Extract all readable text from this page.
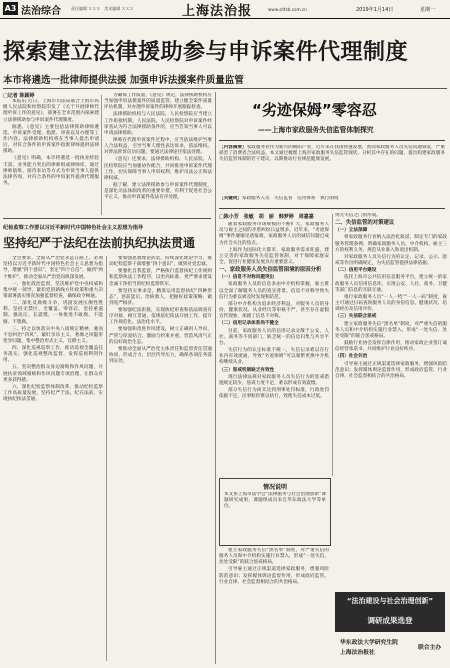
A3 法治综合	责任编辑 ＸＸＸ　美术编辑 ＸＸＸ	上海法治报	www.shfzb.com.cn	2019年1月14日	星期一
探索建立法律援助参与申诉案件代理制度
本市将遴选一批律师提供法援 加强申诉法援案件质量监管
□记者 陈颖婷

本报讯 近日，上海市司法局联合上海市高级人民法院和检察院印发了《关于开展律师代理申诉工作的意见》，部署在全市范围内探索建立法律援助参与申诉案件代理制度。

据悉，《意见》主要包括法律援助律师遴选、申诉案件受理、指派、审查以及办理等工作内容。法律援助机构将在当事人提出申请后，对符合条件的申诉案件指派律师提供法律援助。

《意见》明确，本市将遴选一批执业经验丰富、业务能力突出的律师组成律师库，通过律师值班、接待来访等方式为申诉当事人提供法律咨询，对符合条件的申诉案件提供代理服务。

为确保工作质量，《意见》规定，法律援助机构应当加强申诉法援案件的质量监管，建立健全案件质量评估机制，对办理申诉案件的律师开展跟踪检查。

法律援助机构与人民法院、人民检察院应当建立工作衔接机制，人民法院、人民检察院对申诉案件经审查认为符合法律援助条件的，应当告知当事人可以申请法律援助。

律师在代理申诉案件过程中，应当依法维护当事人合法权益，引导当事人理性表达诉求，依法维权。对涉法涉诉信访问题，要通过法律途径依法处理。

《意见》还要求，法律援助机构、人民法院、人民检察院应当加强协作配合，共同推进申诉案件代理工作，切实保障当事人申诉权利，维护司法公正和法律权威。

据了解，建立法律援助参与申诉案件代理制度，是深化司法体制改革的重要举措，有利于促进社会公平正义，推动申诉案件依法有序处理。

纪检监察工作要以习近平新时代中国特色社会主义思想为指导
坚持纪严于法纪在法前执纪执法贯通

全会要求，全面从严治党永远在路上。必须坚持以习近平新时代中国特色社会主义思想为指导，增强“四个意识”，坚定“四个自信”，做到“两个维护”，推动全面从严治党向纵深发展。

一、强化政治监督，坚决维护党中央权威和集中统一领导。紧扣党的路线方针政策和重大决策部署落实情况加强监督检查，确保政令畅通。

二、深化反腐败斗争，巩固发展压倒性胜利。坚持无禁区、全覆盖、零容忍，坚持重遏制、强高压、长震慑，一体推进不敢腐、不能腐、不想腐。

三、持之以恒落实中央八项规定精神，驰而不息纠治“四风”。紧盯享乐主义、奢靡之风隐形变异问题，集中整治形式主义、官僚主义。

四、深化巡视巡察工作，推动巡视全覆盖任务落实，强化巡视整改监督，发挥巡视利剑作用。

五、坚决整治群众身边腐败和作风问题，开展扶贫领域腐败和作风问题专项治理，让群众有更多获得感。

六、深化纪检监察体制改革，推动纪检监察工作高质量发展，坚持纪严于法、纪在法前，实现执纪执法贯通。

要加强思想理论武装，持续深化理论学习，推动纪检监察干部增强“四个意识”，做到对党忠诚。

要强化自我监督，严格执行监督执纪工作规则和监察执法工作程序，以更高标准、更严要求建设忠诚干净担当的纪检监察铁军。

要坚持实事求是，精准运用监督执纪“四种形态”，惩前毖后、治病救人，把握好政策策略，做到宽严相济。

要加强纪法衔接，实现执纪审查和依法调查有序对接、相互贯通，依规依纪依法开展工作，提升工作规范化、法治化水平。

要加强和改进作风建设，树立正确用人导向，严管与厚爱结合、激励与约束并重，营造风清气正的良好政治生态。

要推动全面从严治党主体责任和监督责任贯通协同，形成合力，层层传导压力，确保各项任务落到实处。

“劣迹保姆”零容忍
——上海市家政服务失信监管体制探究
［内容摘要］家政服务业作为新兴的朝阳产业，近年来在我国快速发展，然而家政服务人员失信问题频发，严重损害了消费者合法权益。本文通过梳理上海市家政服务失信监管现状，分析其中存在的问题，提出构建家政服务失信监管体制的若干建议，以期推动行业规范健康发展。
［关键词］家政服务人员　失信监管　信用体系　执行困境
□陈小芳　张敏　胡　丽　韩梦婷　周嘉嘉

随着家政服务市场规模的不断扩大，家政服务人员与雇主之间的矛盾纠纷日益增多。近年来，“劣迹保姆”事件屡屡见诸报端，家政服务人员的诚信问题已成为社会关注的焦点。

上海作为国际化大都市，家政服务需求旺盛，建立完善的家政服务失信监管体制，对于保障家庭安全、促进行业健康发展具有重要意义。

一、家政服务人员失信监管困境的原因分析
（一）信息不对称问题突出

家政服务人员的信息多由中介机构掌握，雇主难以全面了解服务人员的真实背景，信息不对称导致失信行为难以被及时发现和防范。

部分中介机构为追求经济利益，对服务人员的身份、健康状况、从业经历等审核不严，甚至存在虚假宣传现象，加剧了信息不对称。

（二）信用记录体系尚不健全

目前，家政服务人员的信用记录分散于公安、人社、商务等不同部门，缺乏统一的信息归集与共享平台。

失信行为的认定标准不统一，失信记录难以在行业内有效流通，导致“劣迹保姆”可以频繁更换中介机构继续从业。

（三）惩戒机制缺乏有效性

现行法律法规对家政服务人员失信行为的惩戒措施规定较少，惩戒力度不足，难以形成有效震慑。

部分失信行为尚未达到刑事处罚标准，行政处罚依据不足，民事赔偿难以执行，致使失信成本过低。

则无失信之门的形成。
二、失信监管的对策建议
（一）立法保障

将家政服务行业纳入法治化轨道，制定专门的家政服务管理条例，明确家政服务人员、中介机构、雇主三方的权利义务，规范从业准入和退出机制。

对家政服务人员失信行为的认定、记录、公示、惩戒等作出明确规定，为失信监管提供法律依据。

（二）信用平台建设

依托上海市公共信用信息服务平台，建立统一的家政服务人员信用信息库，实现公安、人社、商务、卫健等部门信息的互联互通。

推行家政服务人员“一人一档”“一人一码”制度，雇主可通过扫码查询服务人员的身份信息、健康状况、培训经历及信用评价。

（三）失信联合惩戒

建立家政服务失信“黑名单”制度，对严重失信的服务人员和中介机构实施行业禁入，形成“一处失信、处处受限”的联合惩戒格局。

鼓励行业协会发挥自律作用，推动家政企业签订诚信经营承诺书，共同维护行业良好秩序。

（四）社会共治

引导雇主通过正规渠道选择家政服务，增强风险防范意识；发挥媒体舆论监督作用，形成政府监管、行业自律、社会监督相结合的共治格局。

情况说明
本文系上海市法学会“法律服务与社会治理创新”课题研究成果，课题组成员来自华东政法大学等单位。

建立家政服务失信“黑名单”制度，对严重失信的服务人员和中介机构实施行业禁入，形成“一处失信、处处受限”的联合惩戒格局。

引导雇主通过正规渠道选择家政服务，增强风险防范意识；发挥媒体舆论监督作用，形成政府监管、行业自律、社会监督相结合的共治格局。

“法治建设与社会治理创新”
调研成果选登
华东政法大学研究生院
上海法治报社
联合主办
